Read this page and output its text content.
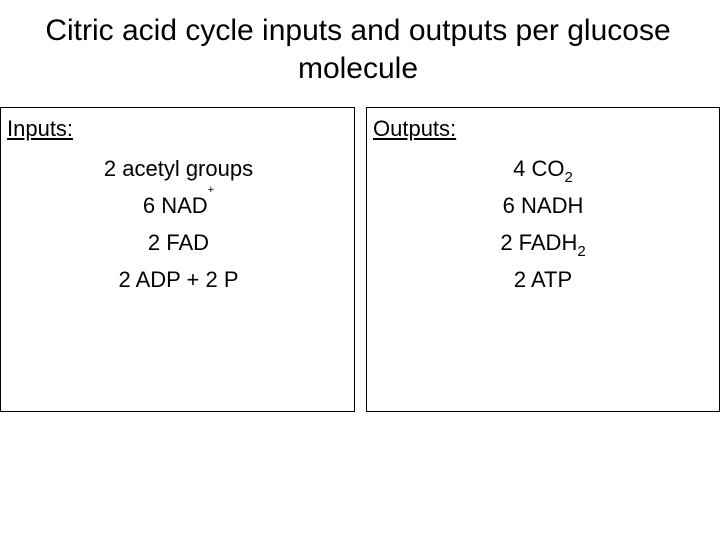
Citric acid cycle inputs and outputs per glucose
molecule
Inputs:
2 acetyl groups
6 NAD+
2 FAD
2 ADP + 2 P
Outputs:
4 $CO_2$
6 NADH
2 $FADH_2$
2 ATP
